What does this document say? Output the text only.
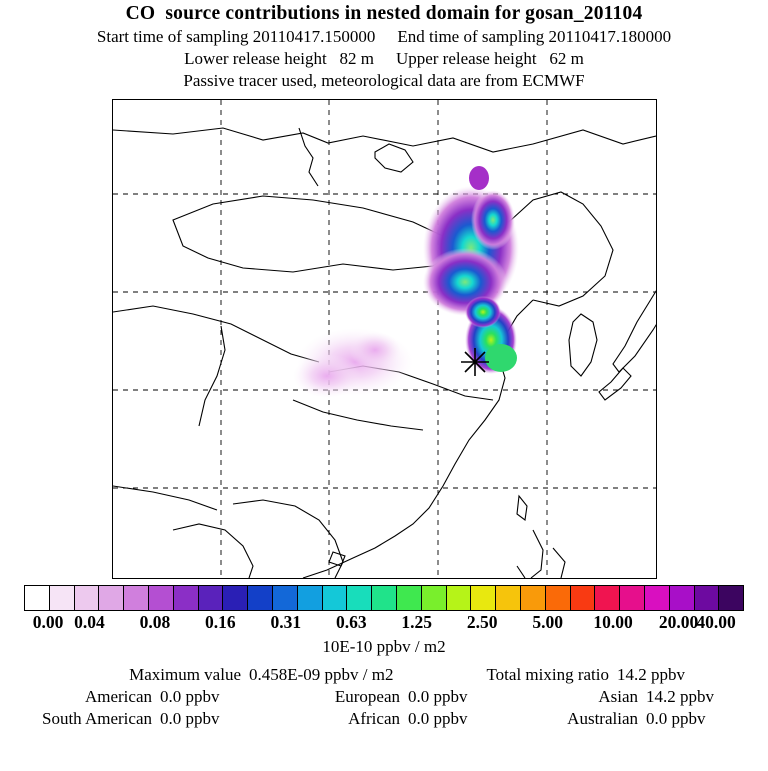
CO  source contributions in nested domain for gosan_201104
Start time of sampling 20110417.150000 End time of sampling 20110417.180000
Lower release height 82 m Upper release height 62 m
Passive tracer used, meteorological data are from ECMWF
0.00 0.04 0.08 0.16 0.31 0.63 1.25 2.50 5.00 10.00 20.00
40.00
10E-10 ppbv / m2
Maximum value 0.458E-09 ppbv / m2	Total mixing ratio 14.2 ppbv
American 0.0 ppbv	European 0.0 ppbv	Asian 14.2 ppbv
South American 0.0 ppbv	African 0.0 ppbv	Australian 0.0 ppbv
